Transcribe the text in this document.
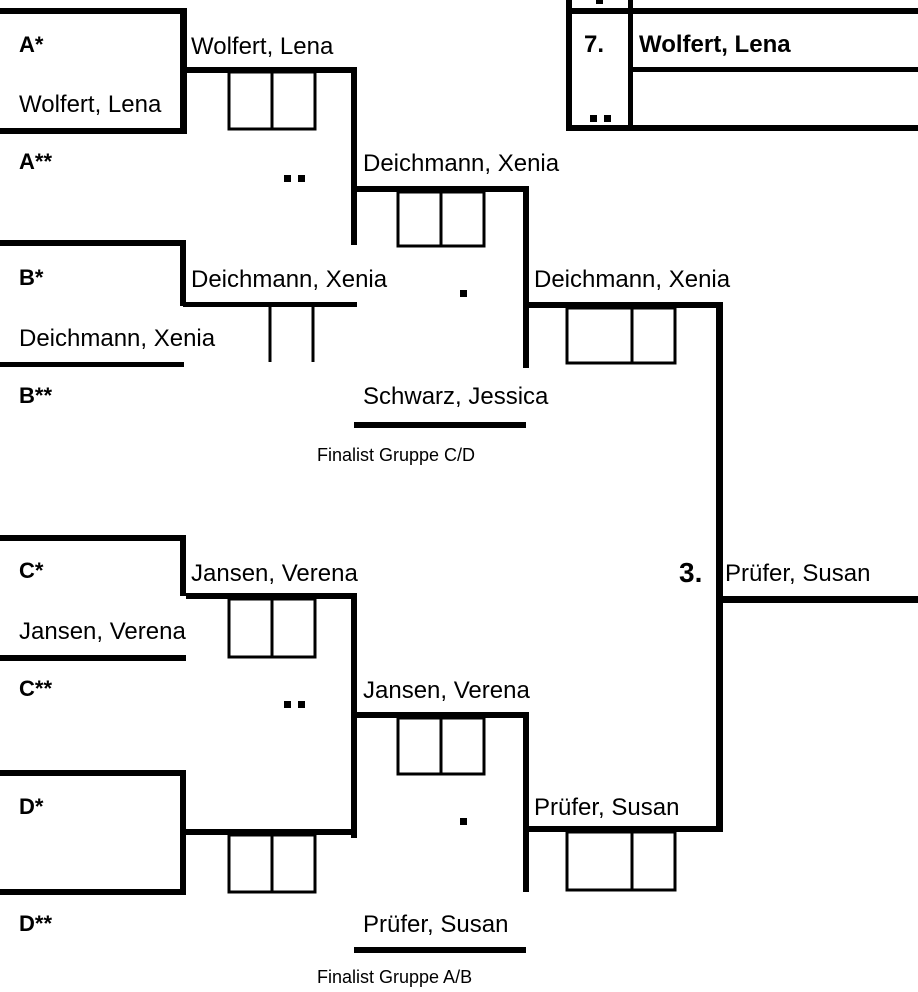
A*
A**
B*
B**
C*
C**
D*
D**
Wolfert, Lena
Deichmann, Xenia
Jansen, Verena
Wolfert, Lena
Deichmann, Xenia
Jansen, Verena
Deichmann, Xenia
Jansen, Verena
Deichmann, Xenia
Prüfer, Susan
Schwarz, Jessica
Finalist Gruppe C/D
Prüfer, Susan
Finalist Gruppe A/B
3. Prüfer, Susan
7. Wolfert, Lena
